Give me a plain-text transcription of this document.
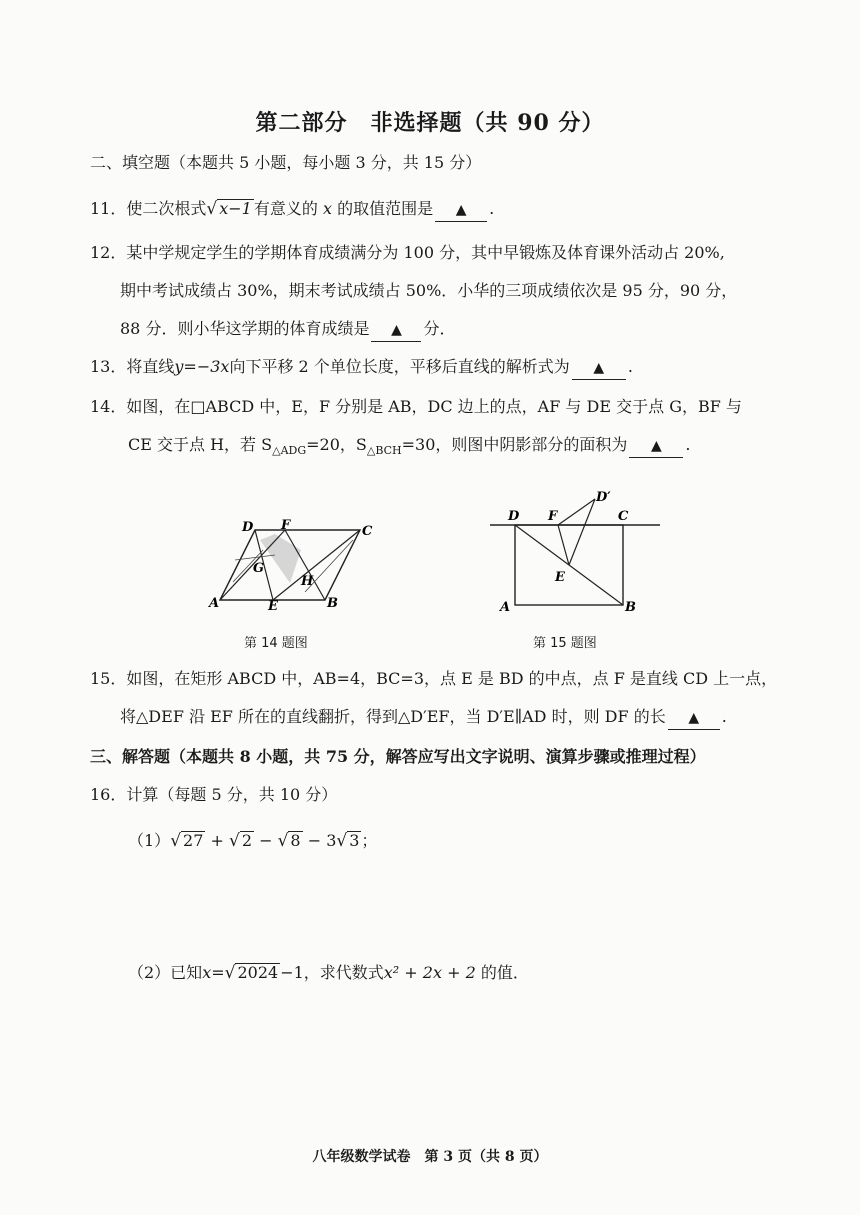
第二部分　非选择题（共 90 分）
二、填空题（本题共 5 小题，每小题 3 分，共 15 分）
11．使二次根式√ x−1 有意义的 x 的取值范围是 ▲ .
12．某中学规定学生的学期体育成绩满分为 100 分，其中早锻炼及体育课外活动占 20%,
期中考试成绩占 30%，期末考试成绩占 50%．小华的三项成绩依次是 95 分，90 分，
88 分．则小华这学期的体育成绩是 ▲ 分．
13．将直线y=−3x向下平移 2 个单位长度，平移后直线的解析式为 ▲ .
14．如图，在□ABCD 中，E，F 分别是 AB，DC 边上的点，AF 与 DE 交于点 G，BF 与
CE 交于点 H，若 $S_{\triangle ADG}=20$，$S_{\triangle BCH}=30$，则图中阴影部分的面积为 ▲ .
A	B
C
D
E
F
G
H
第 14 题图
A	B
C
D
E
F
D′
第 15 题图
15．如图，在矩形 ABCD 中，AB=4，BC=3，点 E 是 BD 的中点，点 F 是直线 CD 上一点，
将△DEF 沿 EF 所在的直线翻折，得到△D′EF，当 D′E∥AD 时，则 DF 的长 ▲ .
三、解答题（本题共 8 小题，共 75 分，解答应写出文字说明、演算步骤或推理过程）
16．计算（每题 5 分，共 10 分）
（1）√ 27 + √ 2 − √ 8 − 3√ 3 ；
（2）已知x=√ 2024 −1，求代数式x² + 2x + 2 的值．
八年级数学试卷　第 3 页（共 8 页）
